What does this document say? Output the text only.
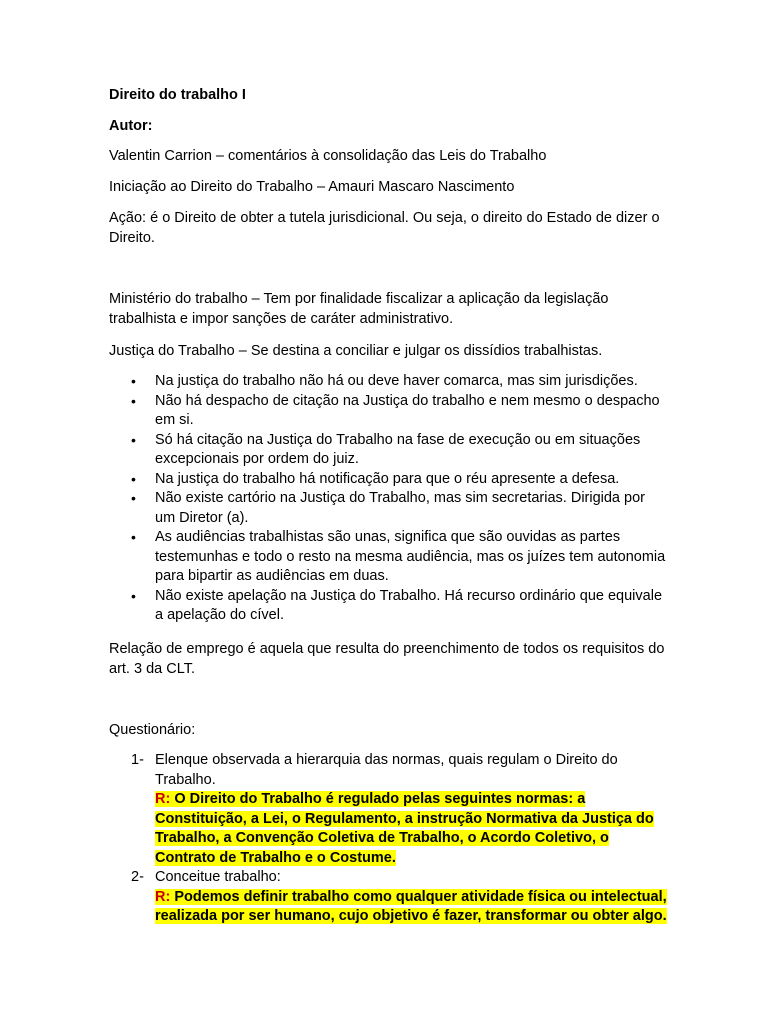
Direito do trabalho I

Autor:

Valentin Carrion – comentários à consolidação das Leis do Trabalho

Iniciação ao Direito do Trabalho – Amauri Mascaro Nascimento

Ação: é o Direito de obter a tutela jurisdicional. Ou seja, o direito do Estado de dizer o Direito.

Ministério do trabalho – Tem por finalidade fiscalizar a aplicação da legislação trabalhista e impor sanções de caráter administrativo.

Justiça do Trabalho – Se destina a conciliar e julgar os dissídios trabalhistas.

• Na justiça do trabalho não há ou deve haver comarca, mas sim jurisdições.
• Não há despacho de citação na Justiça do trabalho e nem mesmo o despacho em si.
• Só há citação na Justiça do Trabalho na fase de execução ou em situações excepcionais por ordem do juiz.
• Na justiça do trabalho há notificação para que o réu apresente a defesa.
• Não existe cartório na Justiça do Trabalho, mas sim secretarias. Dirigida por um Diretor (a).
• As audiências trabalhistas são unas, significa que são ouvidas as partes testemunhas e todo o resto na mesma audiência, mas os juízes tem autonomia para bipartir as audiências em duas.
• Não existe apelação na Justiça do Trabalho. Há recurso ordinário que equivale a apelação do cível.

Relação de emprego é aquela que resulta do preenchimento de todos os requisitos do art. 3 da CLT.

Questionário:

1- Elenque observada a hierarquia das normas, quais regulam o Direito do Trabalho.
R: O Direito do Trabalho é regulado pelas seguintes normas: a Constituição, a Lei, o Regulamento, a instrução Normativa da Justiça do Trabalho, a Convenção Coletiva de Trabalho, o Acordo Coletivo, o Contrato de Trabalho e o Costume.
2- Conceitue trabalho:
R: Podemos definir trabalho como qualquer atividade física ou intelectual, realizada por ser humano, cujo objetivo é fazer, transformar ou obter algo.
